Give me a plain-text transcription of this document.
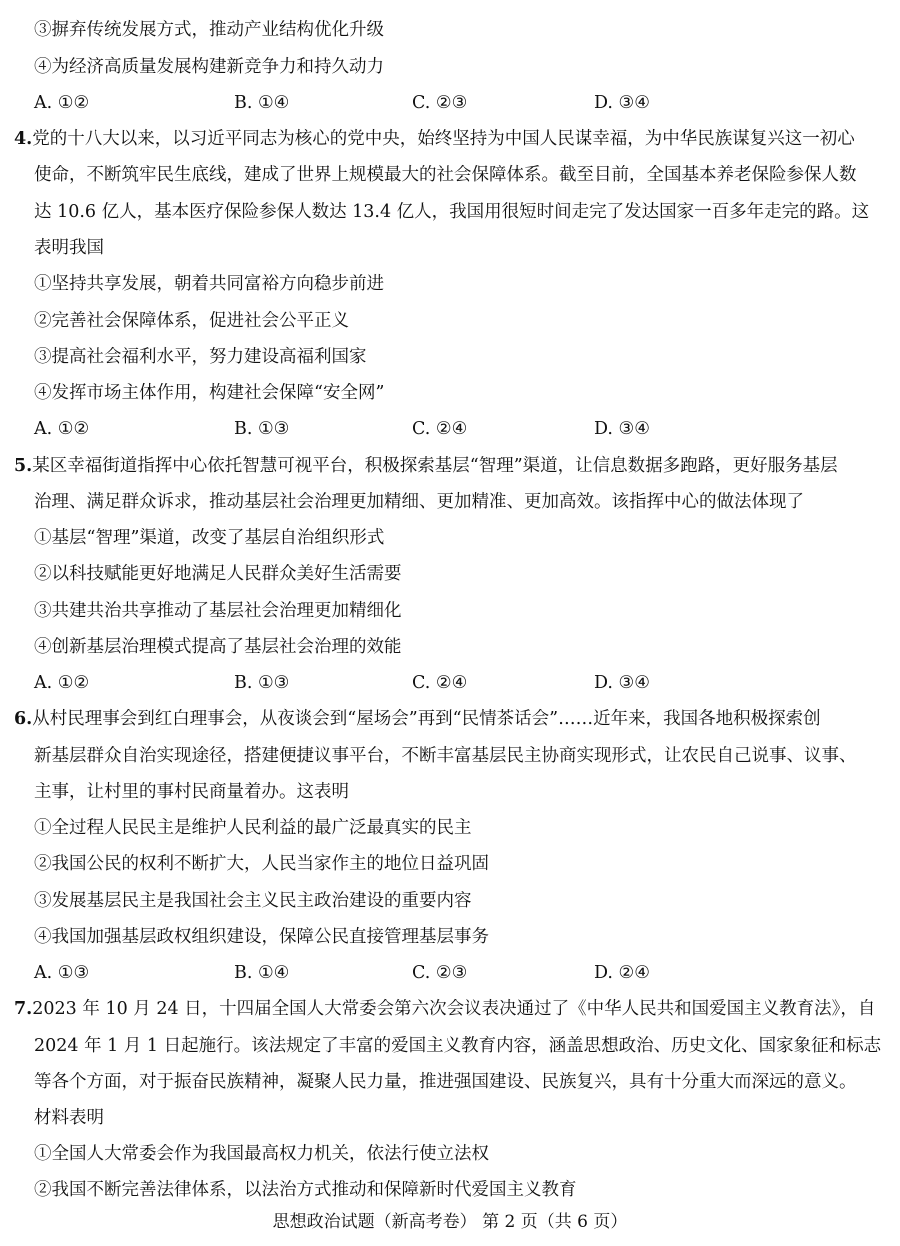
③摒弃传统发展方式，推动产业结构优化升级
④为经济高质量发展构建新竞争力和持久动力
A. ①②	B. ①④	C. ②③	D. ③④
4.党的十八大以来，以习近平同志为核心的党中央，始终坚持为中国人民谋幸福，为中华民族谋复兴这一初心
使命，不断筑牢民生底线，建成了世界上规模最大的社会保障体系。截至目前，全国基本养老保险参保人数
达 10.6 亿人，基本医疗保险参保人数达 13.4 亿人，我国用很短时间走完了发达国家一百多年走完的路。这
表明我国
①坚持共享发展，朝着共同富裕方向稳步前进
②完善社会保障体系，促进社会公平正义
③提高社会福利水平，努力建设高福利国家
④发挥市场主体作用，构建社会保障“安全网”
A. ①②	B. ①③	C. ②④	D. ③④
5.某区幸福街道指挥中心依托智慧可视平台，积极探索基层“智理”渠道，让信息数据多跑路，更好服务基层
治理、满足群众诉求，推动基层社会治理更加精细、更加精准、更加高效。该指挥中心的做法体现了
①基层“智理”渠道，改变了基层自治组织形式
②以科技赋能更好地满足人民群众美好生活需要
③共建共治共享推动了基层社会治理更加精细化
④创新基层治理模式提高了基层社会治理的效能
A. ①②	B. ①③	C. ②④	D. ③④
6.从村民理事会到红白理事会，从夜谈会到“屋场会”再到“民情茶话会”……近年来，我国各地积极探索创
新基层群众自治实现途径，搭建便捷议事平台，不断丰富基层民主协商实现形式，让农民自己说事、议事、
主事，让村里的事村民商量着办。这表明
①全过程人民民主是维护人民利益的最广泛最真实的民主
②我国公民的权利不断扩大，人民当家作主的地位日益巩固
③发展基层民主是我国社会主义民主政治建设的重要内容
④我国加强基层政权组织建设，保障公民直接管理基层事务
A. ①③	B. ①④	C. ②③	D. ②④
7.2023 年 10 月 24 日，十四届全国人大常委会第六次会议表决通过了《中华人民共和国爱国主义教育法》，自
2024 年 1 月 1 日起施行。该法规定了丰富的爱国主义教育内容，涵盖思想政治、历史文化、国家象征和标志
等各个方面，对于振奋民族精神，凝聚人民力量，推进强国建设、民族复兴，具有十分重大而深远的意义。
材料表明
①全国人大常委会作为我国最高权力机关，依法行使立法权
②我国不断完善法律体系，以法治方式推动和保障新时代爱国主义教育
思想政治试题（新高考卷） 第 2 页（共 6 页）
